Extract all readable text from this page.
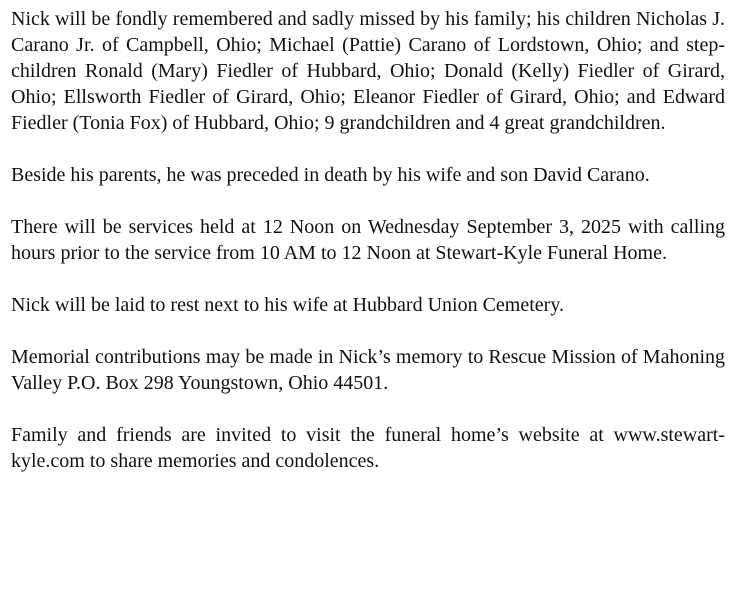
Nick will be fondly remembered and sadly missed by his family; his children Nicholas J. Carano Jr. of Campbell, Ohio; Michael (Pattie) Carano of Lordstown, Ohio; and step-children Ronald (Mary) Fiedler of Hubbard, Ohio; Donald (Kelly) Fiedler of Girard, Ohio; Ellsworth Fiedler of Girard, Ohio; Eleanor Fiedler of Girard, Ohio; and Edward Fiedler (Tonia Fox) of Hubbard, Ohio; 9 grandchildren and 4 great grandchildren.

Beside his parents, he was preceded in death by his wife and son David Carano.

There will be services held at 12 Noon on Wednesday September 3, 2025 with calling hours prior to the service from 10 AM to 12 Noon at Stewart-Kyle Funeral Home.

Nick will be laid to rest next to his wife at Hubbard Union Cemetery.

Memorial contributions may be made in Nick’s memory to Rescue Mission of Mahoning Valley P.O. Box 298 Youngstown, Ohio 44501.

Family and friends are invited to visit the funeral home’s website at www.stewart-kyle.com to share memories and condolences.
